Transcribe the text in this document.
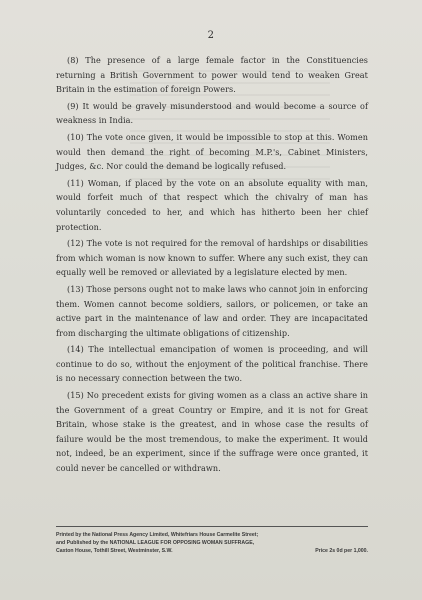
2

(8) The presence of a large female factor in the Constituencies returning a British Government to power would tend to weaken Great Britain in the estimation of foreign Powers.

(9) It would be gravely misunderstood and would become a source of weakness in India.

(10) The vote once given, it would be impossible to stop at this. Women would then demand the right of becoming M.P.'s, Cabinet Ministers, Judges, &c. Nor could the demand be logically refused.

(11) Woman, if placed by the vote on an absolute equality with man, would forfeit much of that respect which the chivalry of man has voluntarily conceded to her, and which has hitherto been her chief protection.

(12) The vote is not required for the removal of hardships or disabilities from which woman is now known to suffer. Where any such exist, they can equally well be removed or alleviated by a legislature elected by men.

(13) Those persons ought not to make laws who cannot join in enforcing them. Women cannot become soldiers, sailors, or policemen, or take an active part in the maintenance of law and order. They are incapacitated from discharging the ultimate obligations of citizenship.

(14) The intellectual emancipation of women is proceeding, and will continue to do so, without the enjoyment of the political franchise. There is no necessary connection between the two.

(15) No precedent exists for giving women as a class an active share in the Government of a great Country or Empire, and it is not for Great Britain, whose stake is the greatest, and in whose case the results of failure would be the most tremendous, to make the experiment. It would not, indeed, be an experiment, since if the suffrage were once granted, it could never be cancelled or withdrawn.

Printed by the National Press Agency Limited, Whitefriars House Carmelite Street;
and Published by the NATIONAL LEAGUE FOR OPPOSING WOMAN SUFFRAGE,
Caxton House, Tothill Street, Westminster, S.W.	Price 2s 0d per 1,000.
